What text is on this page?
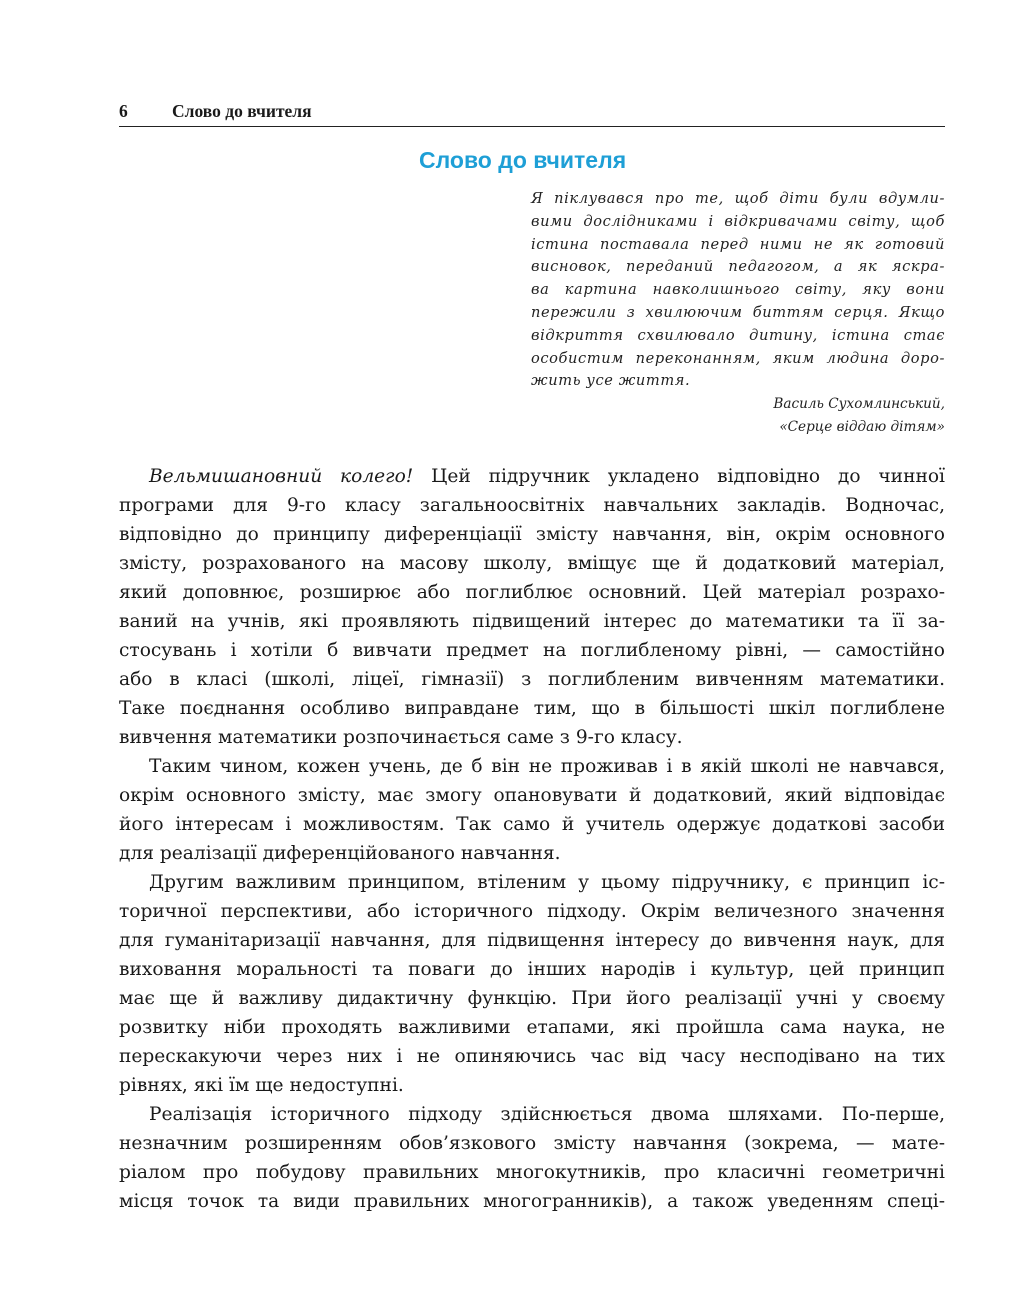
6	Слово до вчителя
Слово до вчителя
Я піклувався про те, щоб діти були вдумли-
вими дослідниками і відкривачами світу, щоб
істина поставала перед ними не як готовий
висновок, переданий педагогом, а як яскра-
ва картина навколишнього світу, яку вони
пережили з хвилюючим биттям серця. Якщо
відкриття схвилювало дитину, істина стає
особистим переконанням, яким людина доро-
жить усе життя.
Василь Сухомлинський,
«Серце віддаю дітям»

Вельмишановний колего! Цей підручник укладено відповідно до чинної
програми для 9-го класу загальноосвітніх навчальних закладів. Водночас,
відповідно до принципу диференціації змісту навчання, він, окрім основного
змісту, розрахованого на масову школу, вміщує ще й додатковий матеріал,
який доповнює, розширює або поглиблює основний. Цей матеріал розрахо-
ваний на учнів, які проявляють підвищений інтерес до математики та її за-
стосувань і хотіли б вивчати предмет на поглибленому рівні, — самостійно
або в класі (школі, ліцеї, гімназії) з поглибленим вивченням математики.
Таке поєднання особливо виправдане тим, що в більшості шкіл поглиблене
вивчення математики розпочинається саме з 9-го класу.

Таким чином, кожен учень, де б він не проживав і в якій школі не навчався,
окрім основного змісту, має змогу опановувати й додатковий, який відповідає
його інтересам і можливостям. Так само й учитель одержує додаткові засоби
для реалізації диференційованого навчання.

Другим важливим принципом, втіленим у цьому підручнику, є принцип іс-
торичної перспективи, або історичного підходу. Окрім величезного значення
для гуманітаризації навчання, для підвищення інтересу до вивчення наук, для
виховання моральності та поваги до інших народів і культур, цей принцип
має ще й важливу дидактичну функцію. При його реалізації учні у своєму
розвитку ніби проходять важливими етапами, які пройшла сама наука, не
перескакуючи через них і не опиняючись час від часу несподівано на тих
рівнях, які їм ще недоступні.

Реалізація історичного підходу здійснюється двома шляхами. По-перше,
незначним розширенням обов’язкового змісту навчання (зокрема, — мате-
ріалом про побудову правильних многокутників, про класичні геометричні
місця точок та види правильних многогранників), а також уведенням спеці-
